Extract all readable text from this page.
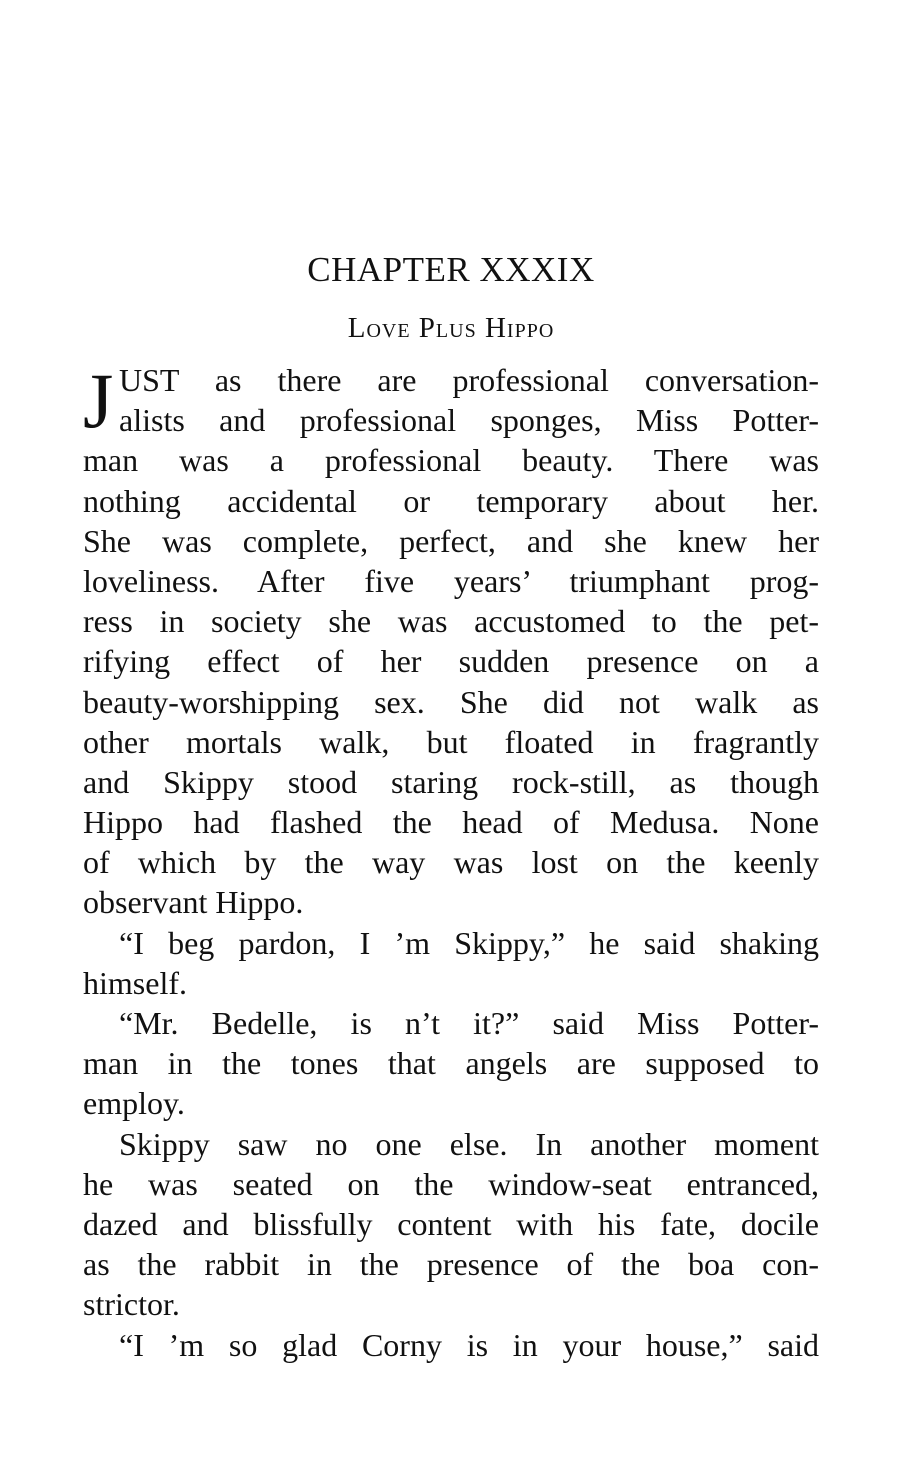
CHAPTER XXXIX
Love Plus Hippo
J UST as there are professional conversation-
alists and professional sponges, Miss Potter-
man was a professional beauty. There was
nothing accidental or temporary about her.
She was complete, perfect, and she knew her
loveliness. After five years’ triumphant prog-
ress in society she was accustomed to the pet-
rifying effect of her sudden presence on a
beauty-worshipping sex. She did not walk as
other mortals walk, but floated in fragrantly
and Skippy stood staring rock-still, as though
Hippo had flashed the head of Medusa. None
of which by the way was lost on the keenly
observant Hippo.
“I beg pardon, I ’m Skippy,” he said shaking
himself.
“Mr. Bedelle, is n’t it?” said Miss Potter-
man in the tones that angels are supposed to
employ.
Skippy saw no one else. In another moment
he was seated on the window-seat entranced,
dazed and blissfully content with his fate, docile
as the rabbit in the presence of the boa con-
strictor.
“I ’m so glad Corny is in your house,” said
